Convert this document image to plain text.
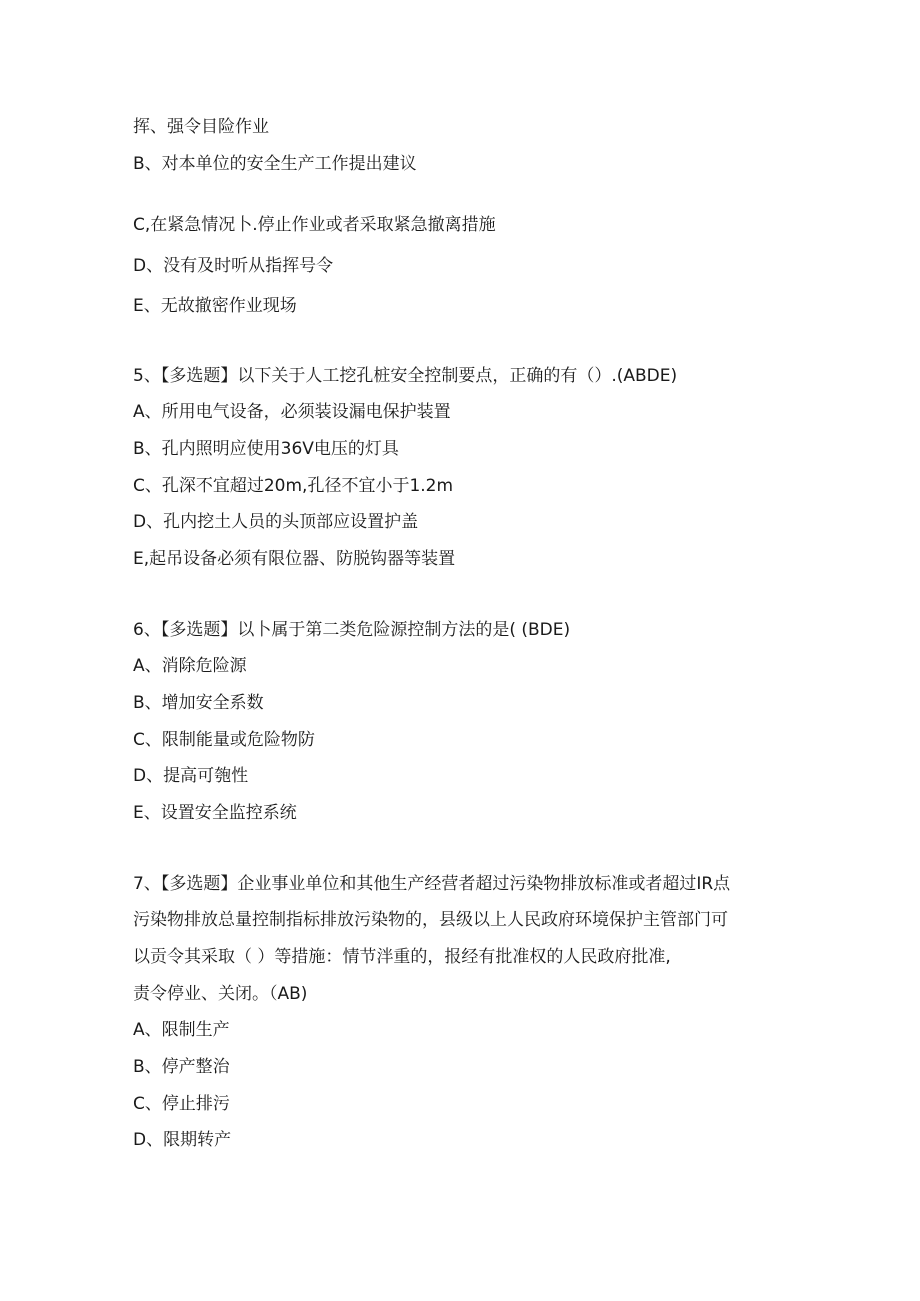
挥、强令目险作业
B、对本单位的安全生产工作提出建议
C,在紧急情况卜.停止作业或者采取紧急撤离措施
D、没有及时听从指挥号令
E、无故撤密作业现场
5、【多选题】以下关于人工挖孔桩安全控制要点，正确的有（）.(ABDE)
A、所用电气设备，必须装设漏电保护装置
B、孔内照明应使用36V电压的灯具
C、孔深不宜超过20m,孔径不宜小于1.2m
D、孔内挖土人员的头顶部应设置护盖
E,起吊设备必须有限位器、防脱钩器等装置
6、【多选题】以卜属于第二类危险源控制方法的是( (BDE)
A、消除危险源
B、增加安全系数
C、限制能量或危险物防
D、提高可匏性
E、设置安全监控系统
7、【多选题】企业事业单位和其他生产经营者超过污染物排放标准或者超过IR点
污染物排放总量控制指标排放污染物的，县级以上人民政府环境保护主管部门可
以贡令其采取（ ）等措施：情节泮重的，报经有批准权的人民政府批准,
责令停业、关闭。（AB)
A、限制生产
B、停产整治
C、停止排污
D、限期转产
